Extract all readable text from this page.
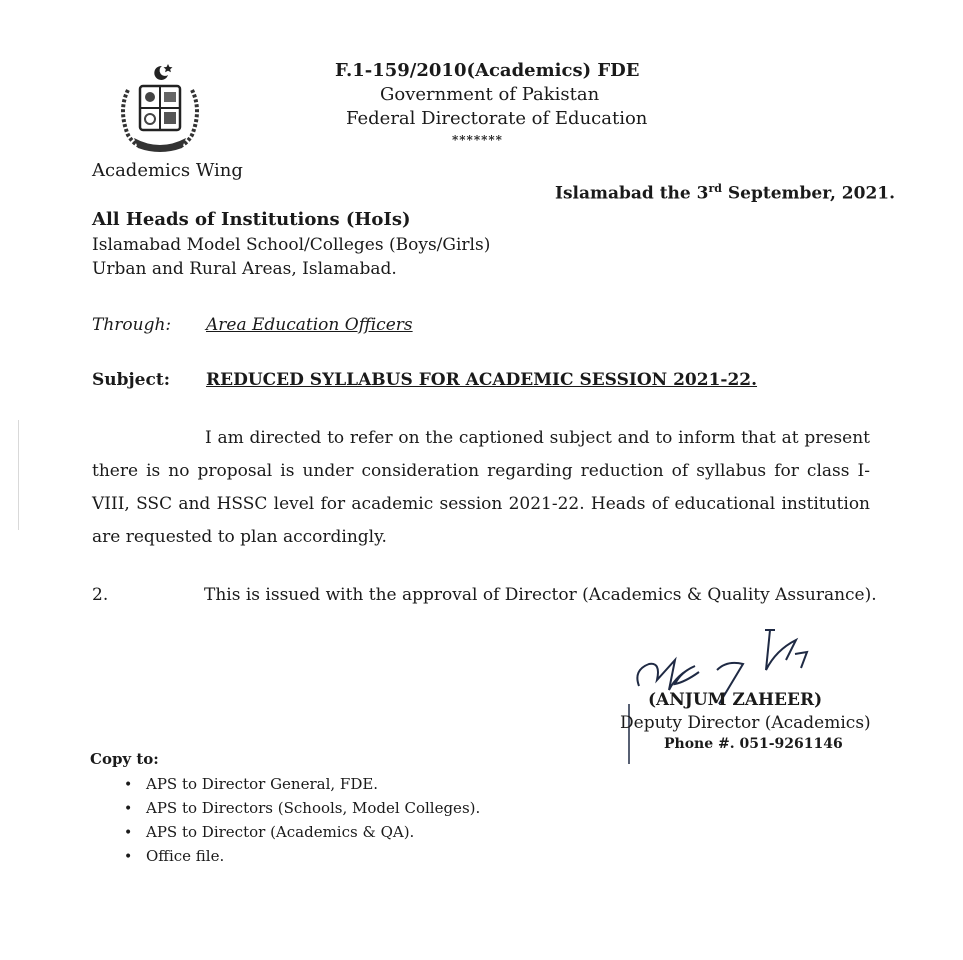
F.1-159/2010(Academics) FDE
Government of Pakistan
Federal Directorate of Education
*******
Academics Wing
Islamabad the 3rd September, 2021.
All Heads of Institutions (HoIs)
Islamabad Model School/Colleges (Boys/Girls)
Urban and Rural Areas, Islamabad.
Through: Area Education Officers
Subject: REDUCED SYLLABUS FOR ACADEMIC SESSION 2021-22.
I am directed to refer on the captioned subject and to inform that at present there is no proposal is under consideration regarding reduction of syllabus for class I-VIII, SSC and HSSC level for academic session 2021-22. Heads of educational institution are requested to plan accordingly.
2.	This is issued with the approval of Director (Academics & Quality Assurance).
(ANJUM ZAHEER)
Deputy Director (Academics)
Phone #. 051-9261146
Copy to:
• APS to Director General, FDE.
• APS to Directors (Schools, Model Colleges).
• APS to Director (Academics & QA).
• Office file.
